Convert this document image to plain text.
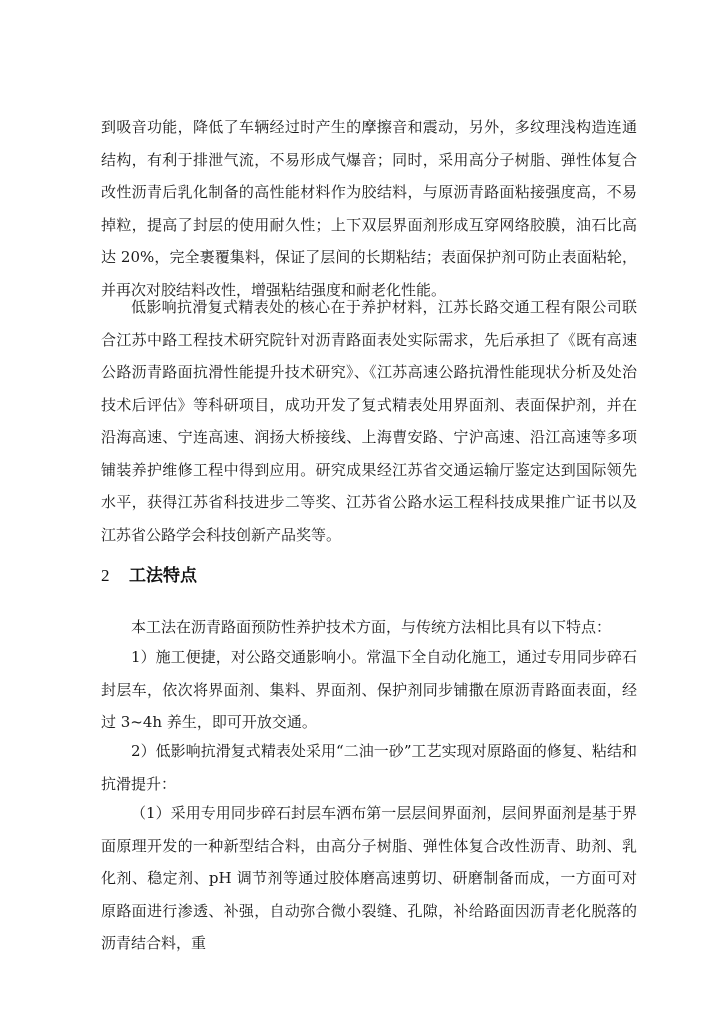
到吸音功能，降低了车辆经过时产生的摩擦音和震动，另外，多纹理浅构造连通结构，有利于排泄气流，不易形成气爆音；同时，采用高分子树脂、弹性体复合改性沥青后乳化制备的高性能材料作为胶结料，与原沥青路面粘接强度高，不易掉粒，提高了封层的使用耐久性；上下双层界面剂形成互穿网络胶膜，油石比高达 20%，完全裹覆集料，保证了层间的长期粘结；表面保护剂可防止表面粘轮，并再次对胶结料改性，增强粘结强度和耐老化性能。

低影响抗滑复式精表处的核心在于养护材料，江苏长路交通工程有限公司联合江苏中路工程技术研究院针对沥青路面表处实际需求，先后承担了《既有高速公路沥青路面抗滑性能提升技术研究》、《江苏高速公路抗滑性能现状分析及处治技术后评估》等科研项目，成功开发了复式精表处用界面剂、表面保护剂，并在沿海高速、宁连高速、润扬大桥接线、上海曹安路、宁沪高速、沿江高速等多项铺装养护维修工程中得到应用。研究成果经江苏省交通运输厅鉴定达到国际领先水平，获得江苏省科技进步二等奖、江苏省公路水运工程科技成果推广证书以及江苏省公路学会科技创新产品奖等。

2 工法特点

本工法在沥青路面预防性养护技术方面，与传统方法相比具有以下特点：

1）施工便捷，对公路交通影响小。常温下全自动化施工，通过专用同步碎石封层车，依次将界面剂、集料、界面剂、保护剂同步铺撒在原沥青路面表面，经过 3~4h 养生，即可开放交通。

2）低影响抗滑复式精表处采用“二油一砂”工艺实现对原路面的修复、粘结和抗滑提升：

（1）采用专用同步碎石封层车洒布第一层层间界面剂，层间界面剂是基于界面原理开发的一种新型结合料，由高分子树脂、弹性体复合改性沥青、助剂、乳化剂、稳定剂、pH 调节剂等通过胶体磨高速剪切、研磨制备而成，一方面可对原路面进行渗透、补强，自动弥合微小裂缝、孔隙，补给路面因沥青老化脱落的沥青结合料，重
